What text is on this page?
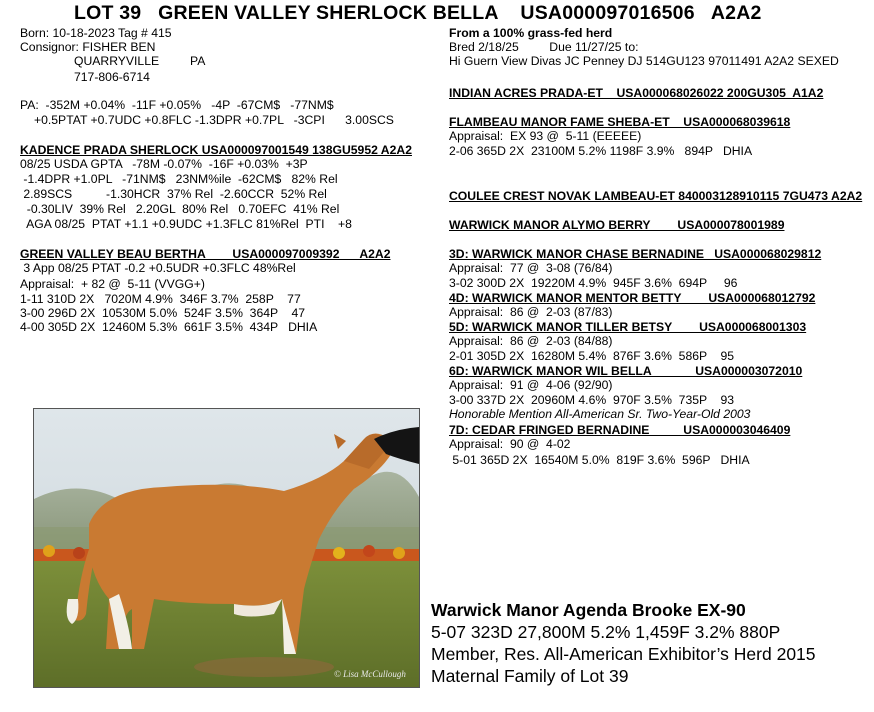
LOT 39   GREEN VALLEY SHERLOCK BELLA    USA000097016506   A2A2
Born: 10-18-2023 Tag # 415
Consignor: FISHER BEN
QUARRYVILLE	PA
717-806-6714
PA:  -352M +0.04%  -11F +0.05%   -4P  -67CM$   -77NM$
+0.5PTAT +0.7UDC +0.8FLC -1.3DPR +0.7PL   -3CPI      3.00SCS
KADENCE PRADA SHERLOCK USA000097001549 138GU5952 A2A2
08/25 USDA GPTA   -78M -0.07%  -16F +0.03%  +3P
-1.4DPR +1.0PL   -71NM$   23NM%ile  -62CM$   82% Rel
2.89SCS          -1.30HCR  37% Rel  -2.60CCR  52% Rel
-0.30LIV  39% Rel   2.20GL  80% Rel   0.70EFC  41% Rel
AGA 08/25  PTAT +1.1 +0.9UDC +1.3FLC 81%Rel  PTI    +8
GREEN VALLEY BEAU BERTHA        USA000097009392      A2A2
3 App 08/25 PTAT -0.2 +0.5UDR +0.3FLC 48%Rel
Appraisal:  + 82 @  5-11 (VVGG+)
1-11 310D 2X   7020M 4.9%  346F 3.7%  258P    77
3-00 296D 2X  10530M 5.0%  524F 3.5%  364P    47
4-00 305D 2X  12460M 5.3%  661F 3.5%  434P   DHIA
From a 100% grass-fed herd
Bred 2/18/25         Due 11/27/25 to:
Hi Guern View Divas JC Penney DJ 514GU123 97011491 A2A2 SEXED
INDIAN ACRES PRADA-ET    USA000068026022 200GU305  A1A2
FLAMBEAU MANOR FAME SHEBA-ET    USA000068039618
Appraisal:  EX 93 @  5-11 (EEEEE)
2-06 365D 2X  23100M 5.2% 1198F 3.9%   894P   DHIA
COULEE CREST NOVAK LAMBEAU-ET 840003128910115 7GU473 A2A2
WARWICK MANOR ALYMO BERRY        USA000078001989
3D: WARWICK MANOR CHASE BERNADINE   USA000068029812
Appraisal:  77 @  3-08 (76/84)
3-02 300D 2X  19220M 4.9%  945F 3.6%  694P     96
4D: WARWICK MANOR MENTOR BETTY        USA000068012792
Appraisal:  86 @  2-03 (87/83)
5D: WARWICK MANOR TILLER BETSY        USA000068001303
Appraisal:  86 @  2-03 (84/88)
2-01 305D 2X  16280M 5.4%  876F 3.6%  586P    95
6D: WARWICK MANOR WIL BELLA             USA000003072010
Appraisal:  91 @  4-06 (92/90)
3-00 337D 2X  20960M 4.6%  970F 3.5%  735P    93
Honorable Mention All-American Sr. Two-Year-Old 2003
7D: CEDAR FRINGED BERNADINE          USA000003046409
Appraisal:  90 @  4-02
5-01 365D 2X  16540M 5.0%  819F 3.6%  596P   DHIA
© Lisa McCullough
Warwick Manor Agenda Brooke EX-90
5-07 323D 27,800M 5.2% 1,459F 3.2% 880P
Member, Res. All-American Exhibitor’s Herd 2015
Maternal Family of Lot 39
